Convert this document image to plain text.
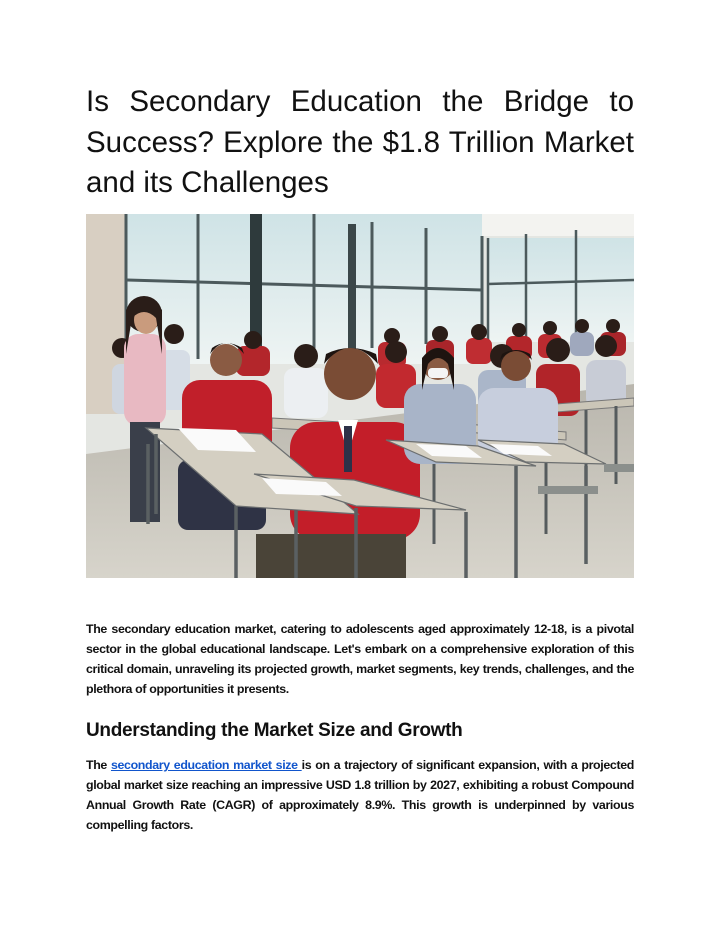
Is Secondary Education the Bridge to Success? Explore the $1.8 Trillion Market and its Challenges

The secondary education market, catering to adolescents aged approximately 12-18, is a pivotal sector in the global educational landscape. Let's embark on a comprehensive exploration of this critical domain, unraveling its projected growth, market segments, key trends, challenges, and the plethora of opportunities it presents.

Understanding the Market Size and Growth

The secondary education market size is on a trajectory of significant expansion, with a projected global market size reaching an impressive USD 1.8 trillion by 2027, exhibiting a robust Compound Annual Growth Rate (CAGR) of approximately 8.9%. This growth is underpinned by various compelling factors.
